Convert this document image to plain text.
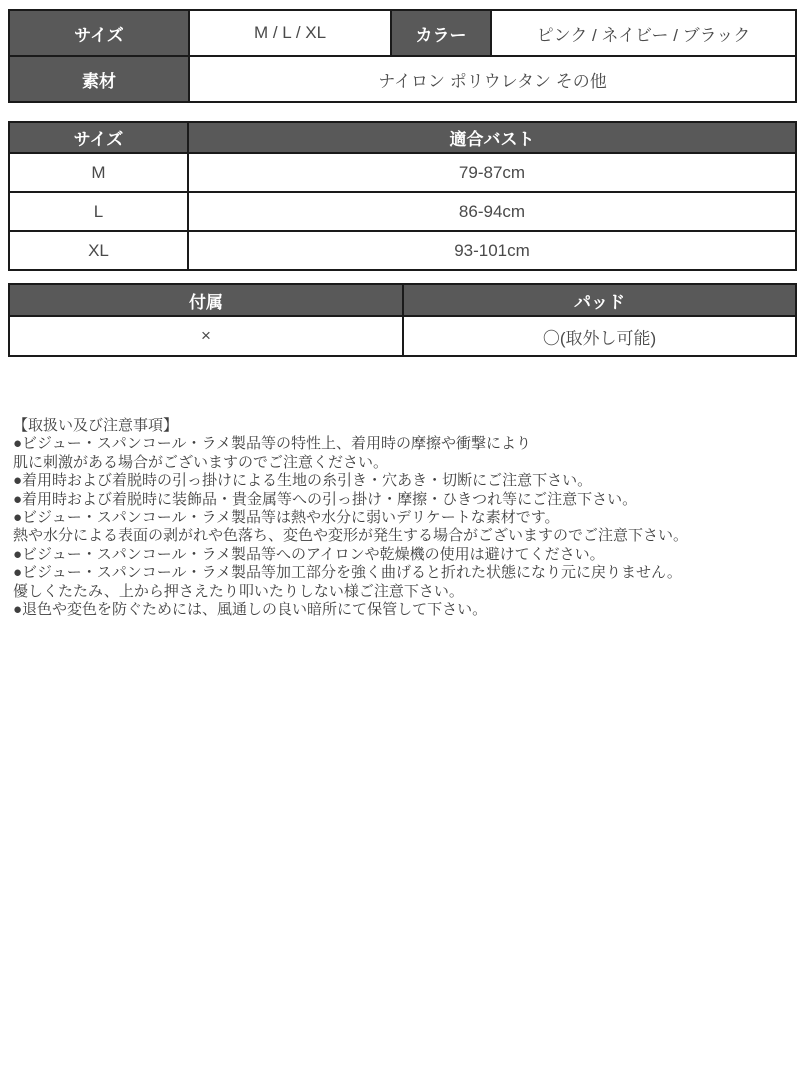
サイズ	M / L / XL	カラー	ピンク / ネイビー / ブラック
素材	ナイロン ポリウレタン その他		
サイズ	適合バスト
M	79-87cm
L	86-94cm
XL	93-101cm
付属	パッド
×	〇(取外し可能)
【取扱い及び注意事項】
●ビジュー・スパンコール・ラメ製品等の特性上、着用時の摩擦や衝撃により
肌に刺激がある場合がございますのでご注意ください。
●着用時および着脱時の引っ掛けによる生地の糸引き・穴あき・切断にご注意下さい。
●着用時および着脱時に装飾品・貴金属等への引っ掛け・摩擦・ひきつれ等にご注意下さい。
●ビジュー・スパンコール・ラメ製品等は熱や水分に弱いデリケートな素材です。
熱や水分による表面の剥がれや色落ち、変色や変形が発生する場合がございますのでご注意下さい。
●ビジュー・スパンコール・ラメ製品等へのアイロンや乾燥機の使用は避けてください。
●ビジュー・スパンコール・ラメ製品等加工部分を強く曲げると折れた状態になり元に戻りません。
優しくたたみ、上から押さえたり叩いたりしない様ご注意下さい。
●退色や変色を防ぐためには、風通しの良い暗所にて保管して下さい。
